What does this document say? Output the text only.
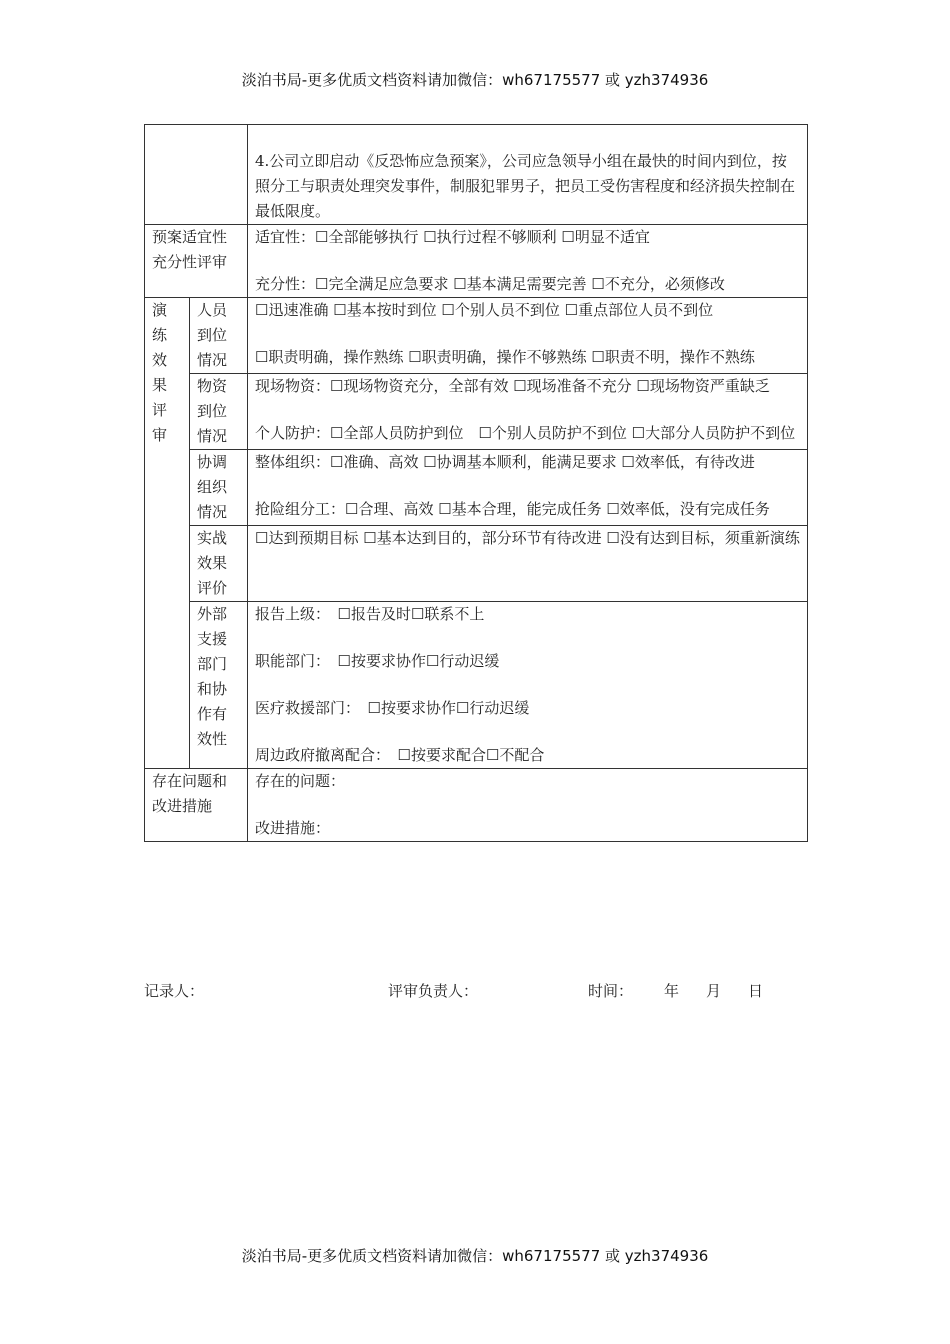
淡泊书局-更多优质文档资料请加微信：wh67175577 或 yzh374936

		4.公司立即启动《反恐怖应急预案》，公司应急领导小组在最快的时间内到位，按照分工与职责处理突发事件，制服犯罪男子，把员工受伤害程度和经济损失控制在最低限度。

预案适宜性充分性评审		适宜性：☐全部能够执行 ☐执行过程不够顺利 ☐明显不适宜

充分性：☐完全满足应急要求 ☐基本满足需要完善 ☐不充分，必须修改

演练效果评审	人员到位情况	☐迅速准确 ☐基本按时到位 ☐个别人员不到位 ☐重点部位人员不到位

☐职责明确，操作熟练 ☐职责明确，操作不够熟练 ☐职责不明，操作不熟练

	物资到位情况	现场物资：☐现场物资充分，全部有效 ☐现场准备不充分 ☐现场物资严重缺乏

个人防护：☐全部人员防护到位　☐个别人员防护不到位 ☐大部分人员防护不到位

	协调组织情况	整体组织：☐准确、高效 ☐协调基本顺利，能满足要求 ☐效率低，有待改进

抢险组分工：☐合理、高效 ☐基本合理，能完成任务 ☐效率低，没有完成任务

	实战效果评价	☐达到预期目标 ☐基本达到目的，部分环节有待改进 ☐没有达到目标，须重新演练

	外部支援部门和协作有效性	报告上级：　☐报告及时☐联系不上

职能部门：　☐按要求协作☐行动迟缓

医疗救援部门：　☐按要求协作☐行动迟缓

周边政府撤离配合：　☐按要求配合☐不配合

存在问题和改进措施		存在的问题：

改进措施：

记录人：	评审负责人：	时间： 年 月 日
淡泊书局-更多优质文档资料请加微信：wh67175577 或 yzh374936
